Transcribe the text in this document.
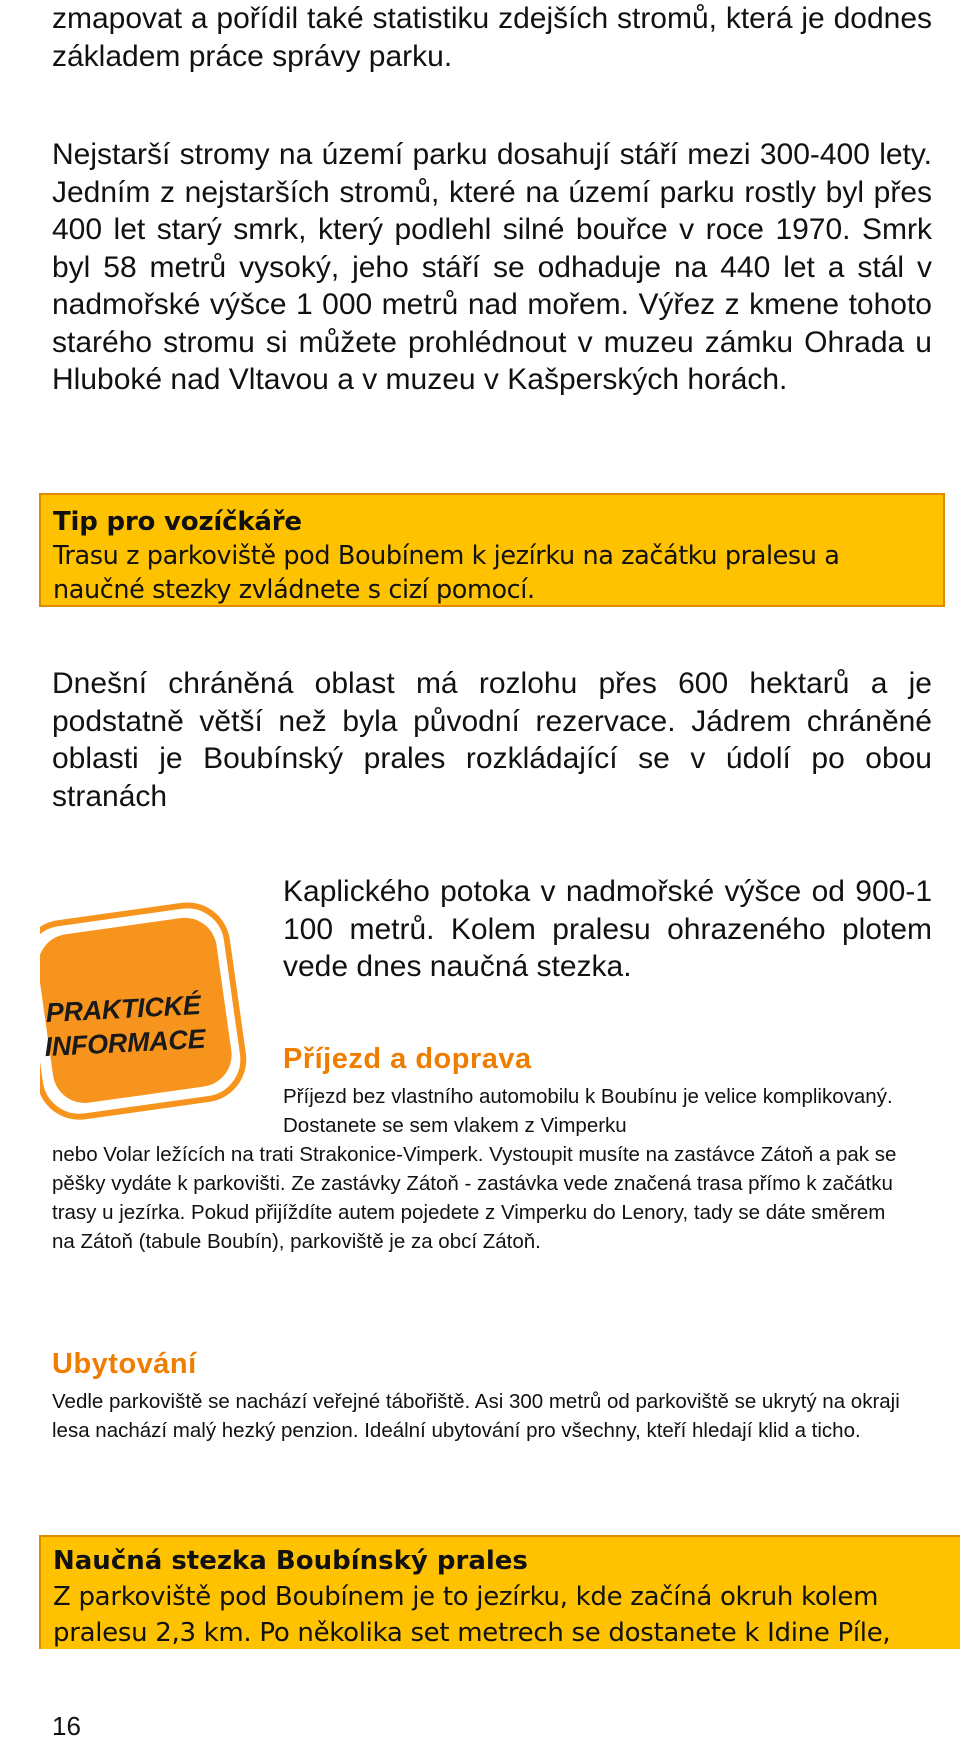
zmapovat a pořídil také statistiku zdejších stromů, která je dodnes základem práce správy parku.

Nejstarší stromy na území parku dosahují stáří mezi 300-400 lety. Jedním z nejstarších stromů, které na území parku rostly byl přes 400 let starý smrk, který podlehl silné bouřce v roce 1970. Smrk byl 58 metrů vysoký, jeho stáří se odhaduje na 440 let a stál v nadmořské výšce 1 000 metrů nad mořem. Výřez z kmene tohoto starého stromu si můžete prohlédnout v muzeu zámku Ohrada u Hluboké nad Vltavou a v muzeu v Kašperských horách.

Tip pro vozíčkáře
Trasu z parkoviště pod Boubínem k jezírku na začátku pralesu a naučné stezky zvládnete s cizí pomocí.

Dnešní chráněná oblast má rozlohu přes 600 hektarů a je podstatně větší než byla původní rezervace. Jádrem chráněné oblasti je Boubínský prales rozkládající se v údolí po obou stranách

PRAKTICKÉ
INFORMACE

Kaplického potoka v nadmořské výšce od 900-1 100 metrů. Kolem pralesu ohrazeného plotem vede dnes naučná stezka.

Příjezd a doprava

Příjezd bez vlastního automobilu k Boubínu je velice komplikovaný. Dostanete se sem vlakem z Vimperku

nebo Volar ležících na trati Strakonice-Vimperk. Vystoupit musíte na zastávce Zátoň a pak se pěšky vydáte k parkovišti. Ze zastávky Zátoň - zastávka vede značená trasa přímo k začátku trasy u jezírka. Pokud přijíždíte autem pojedete z Vimperku do Lenory, tady se dáte směrem na Zátoň (tabule Boubín), parkoviště je za obcí Zátoň.

Ubytování

Vedle parkoviště se nachází veřejné tábořiště. Asi 300 metrů od parkoviště se ukrytý na okraji lesa nachází malý hezký penzion. Ideální ubytování pro všechny, kteří hledají klid a ticho.

Naučná stezka Boubínský prales
Z parkoviště pod Boubínem je to jezírku, kde začíná okruh kolem
pralesu 2,3 km. Po několika set metrech se dostanete k Idine Píle,

16
